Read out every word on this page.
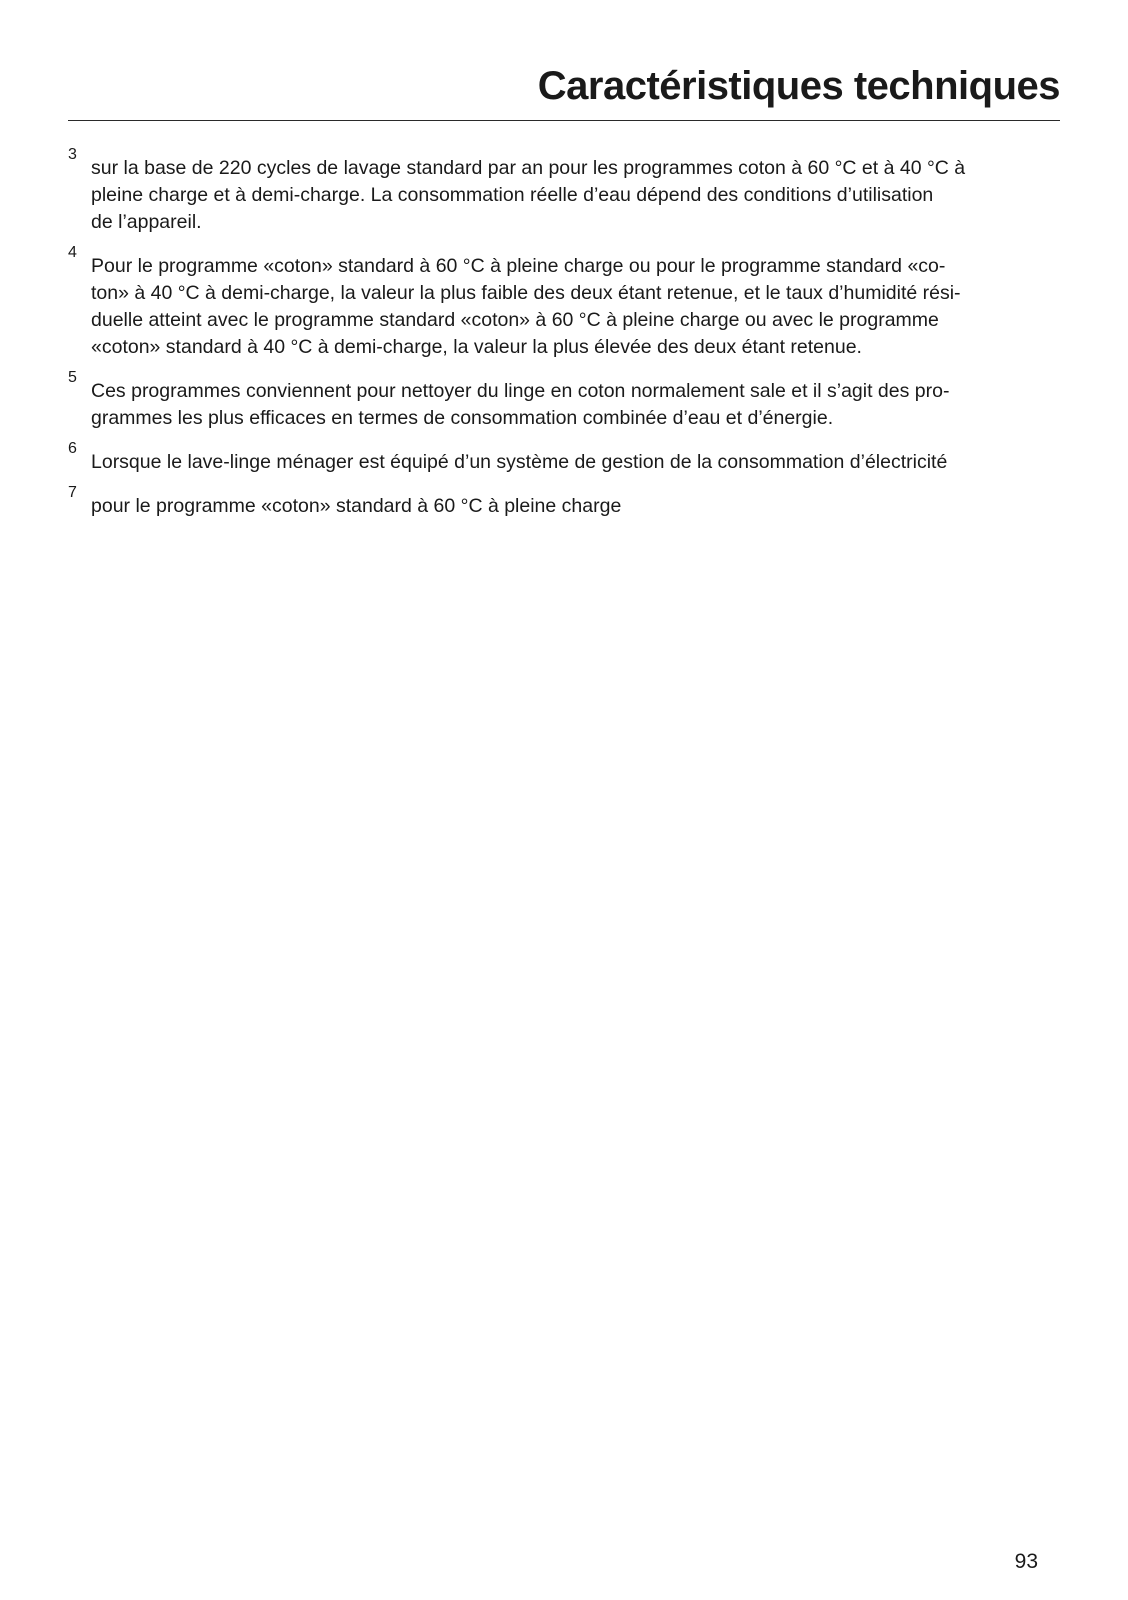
Caractéristiques techniques
3
sur la base de 220 cycles de lavage standard par an pour les programmes coton à 60 °C et à 40 °C à
pleine charge et à demi-charge. La consommation réelle d’eau dépend des conditions d’utilisation
de l’appareil.
4
Pour le programme «coton» standard à 60 °C à pleine charge ou pour le programme standard «co-
ton» à 40 °C à demi-charge, la valeur la plus faible des deux étant retenue, et le taux d’humidité rési-
duelle atteint avec le programme standard «coton» à 60 °C à pleine charge ou avec le programme
«coton» standard à 40 °C à demi-charge, la valeur la plus élevée des deux étant retenue.
5
Ces programmes conviennent pour nettoyer du linge en coton normalement sale et il s’agit des pro-
grammes les plus efficaces en termes de consommation combinée d’eau et d’énergie.
6
Lorsque le lave-linge ménager est équipé d’un système de gestion de la consommation d’électricité
7
pour le programme «coton» standard à 60 °C à pleine charge
93
